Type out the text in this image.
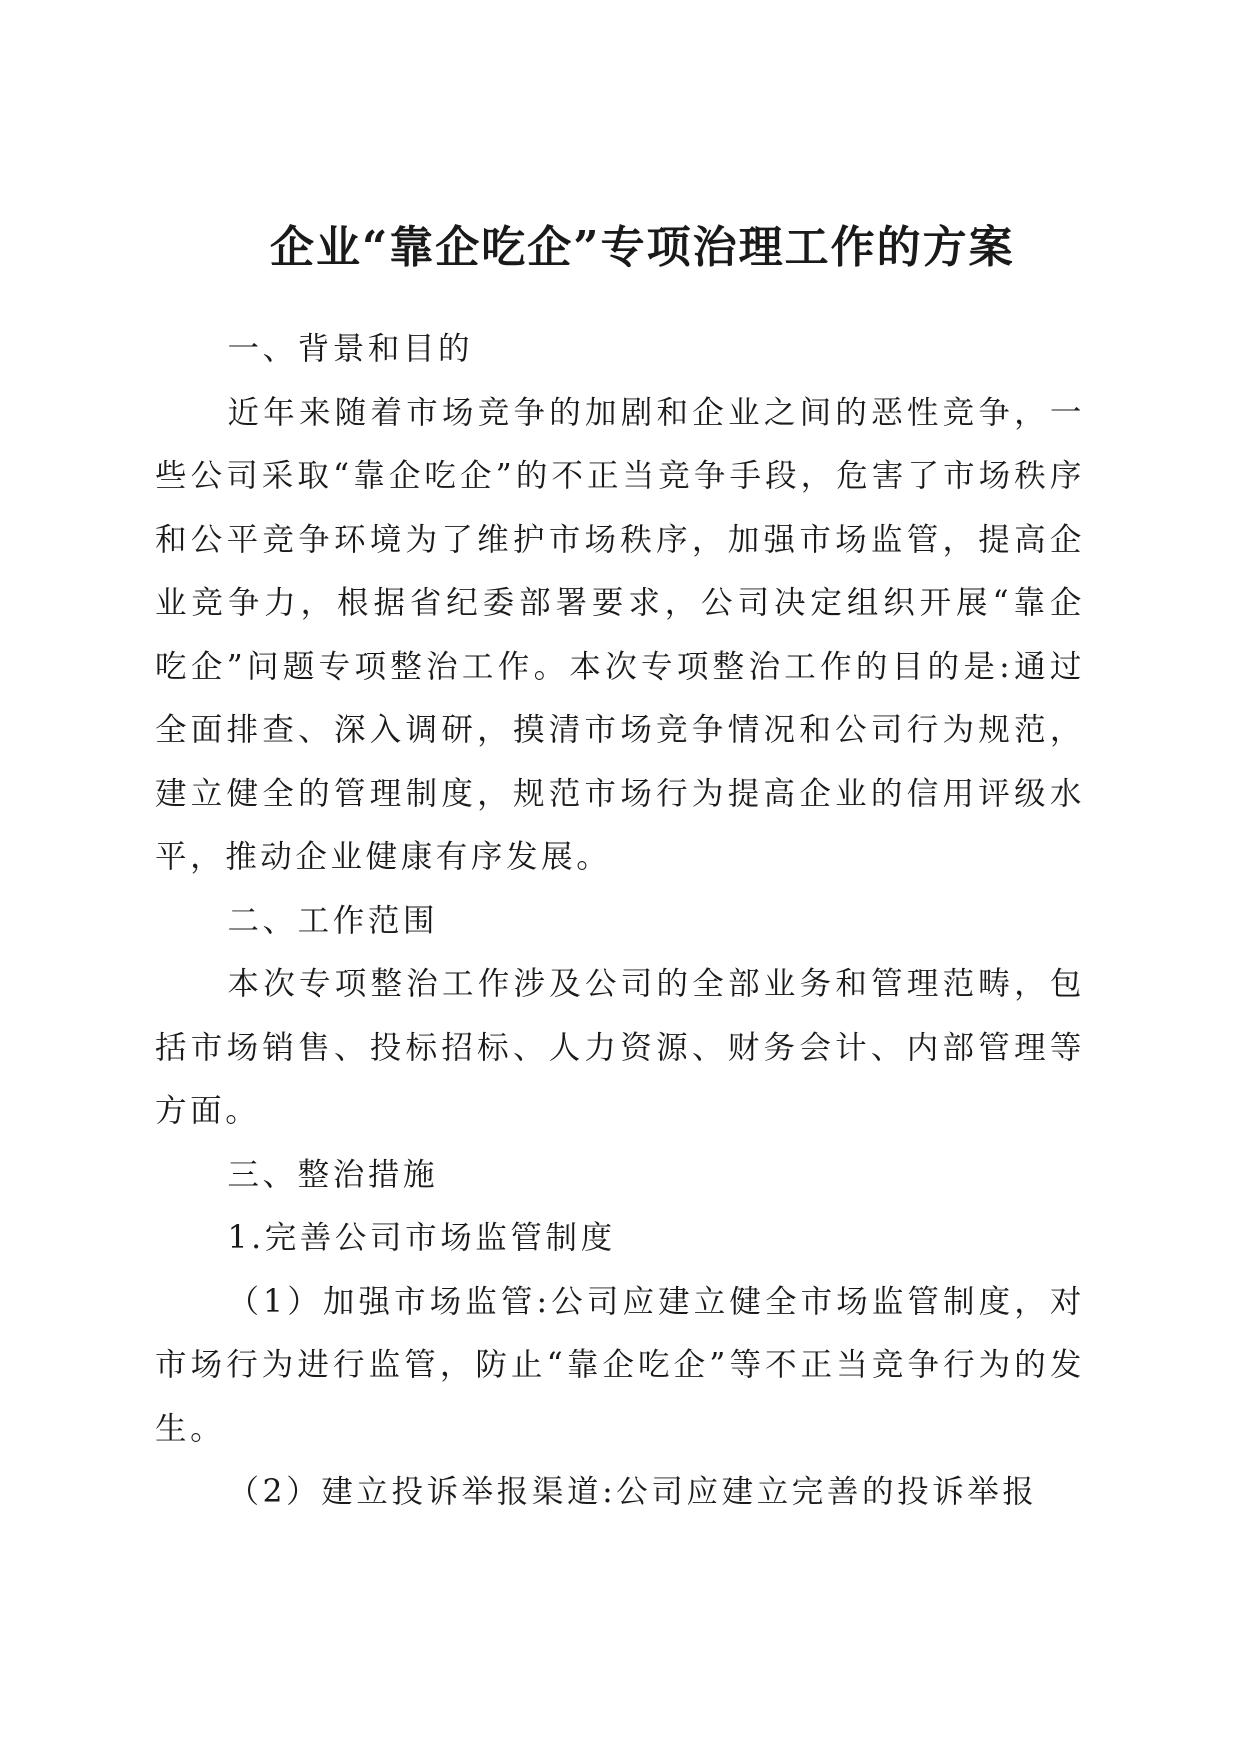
企业“靠企吃企”专项治理工作的方案

一、背景和目的

近年来随着市场竞争的加剧和企业之间的恶性竞争，一些公司采取“靠企吃企”的不正当竞争手段，危害了市场秩序和公平竞争环境为了维护市场秩序，加强市场监管，提高企业竞争力，根据省纪委部署要求，公司决定组织开展“靠企吃企”问题专项整治工作。本次专项整治工作的目的是:通过全面排查、深入调研，摸清市场竞争情况和公司行为规范，建立健全的管理制度，规范市场行为提高企业的信用评级水平，推动企业健康有序发展。

二、工作范围

本次专项整治工作涉及公司的全部业务和管理范畴，包括市场销售、投标招标、人力资源、财务会计、内部管理等方面。

三、整治措施

1.完善公司市场监管制度

（1）加强市场监管:公司应建立健全市场监管制度，对市场行为进行监管，防止“靠企吃企”等不正当竞争行为的发生。

（2）建立投诉举报渠道:公司应建立完善的投诉举报
